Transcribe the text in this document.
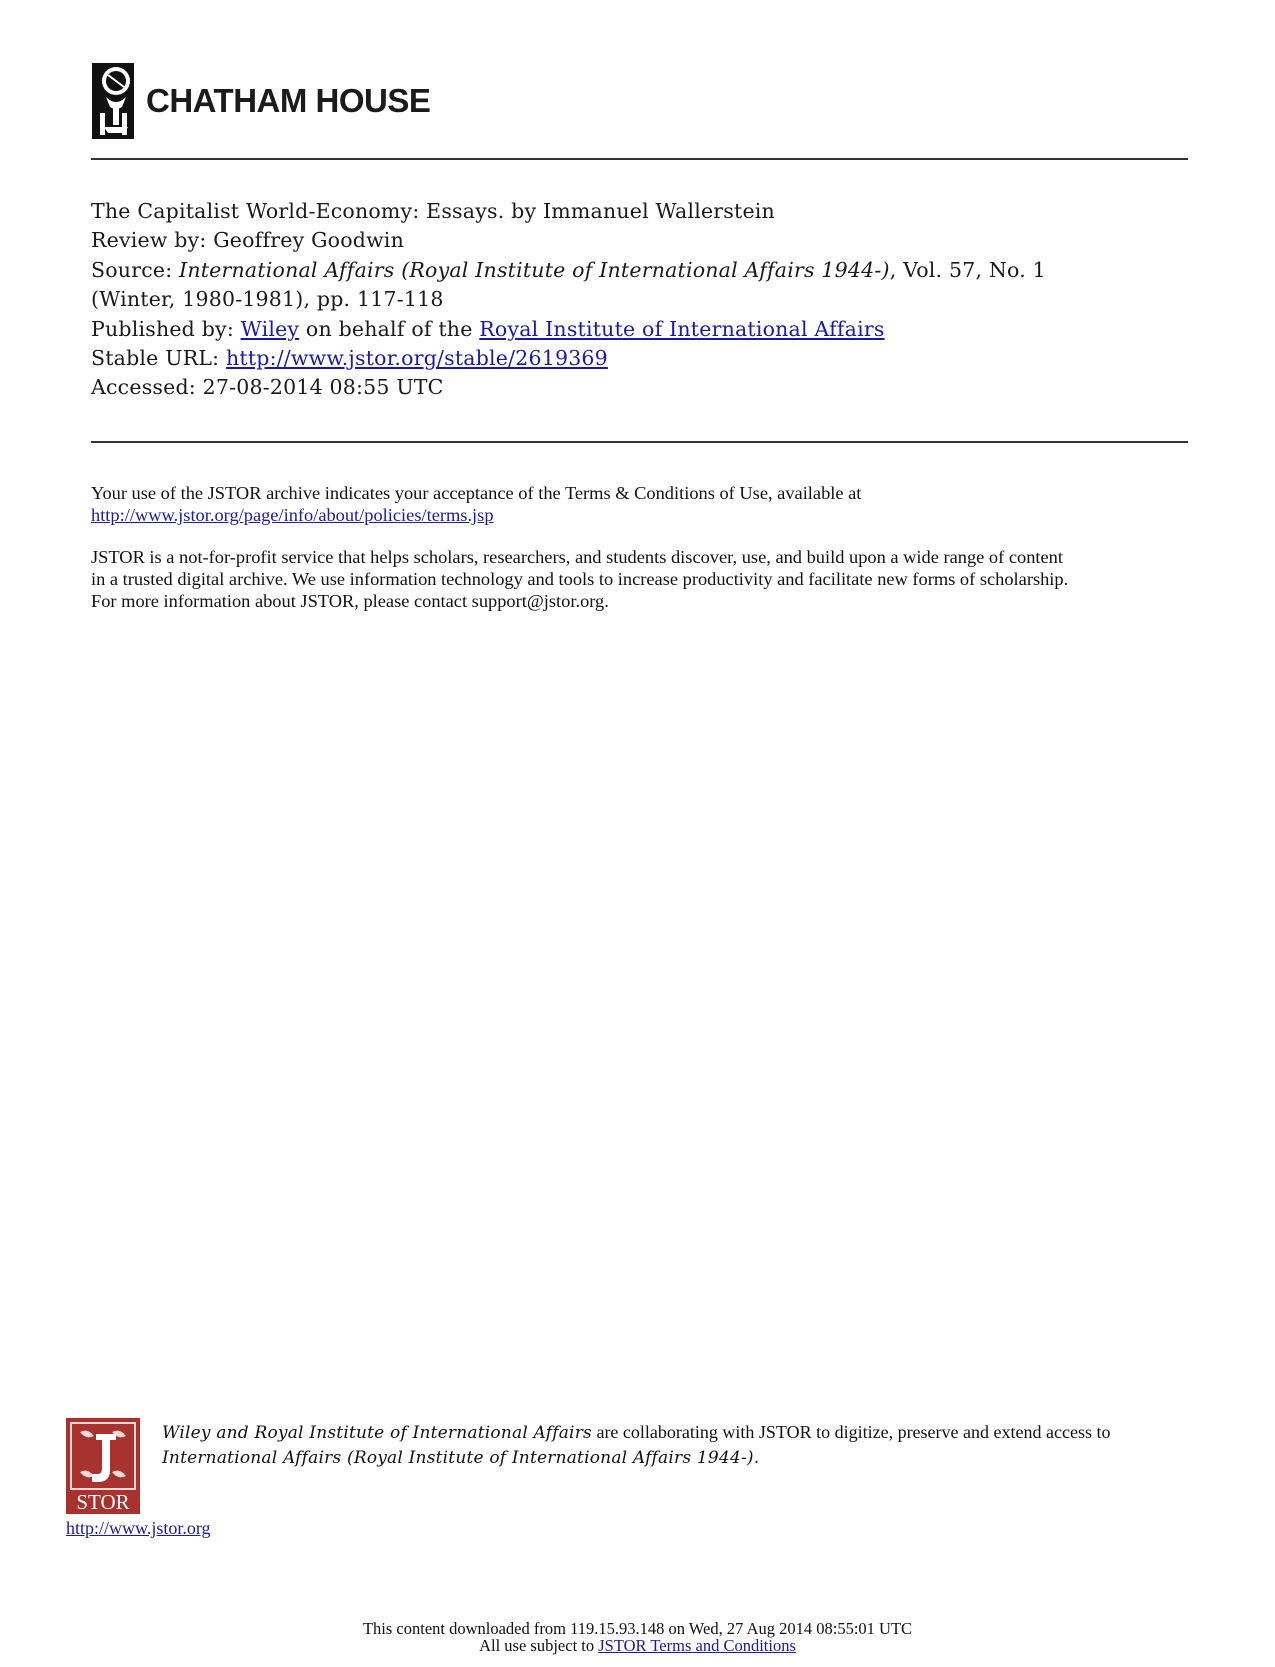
CHATHAM HOUSE
The Capitalist World-Economy: Essays. by Immanuel Wallerstein
Review by: Geoffrey Goodwin
Source: International Affairs (Royal Institute of International Affairs 1944-), Vol. 57, No. 1
(Winter, 1980-1981), pp. 117-118
Published by: Wiley on behalf of the Royal Institute of International Affairs
Stable URL: http://www.jstor.org/stable/2619369
Accessed: 27-08-2014 08:55 UTC

Your use of the JSTOR archive indicates your acceptance of the Terms & Conditions of Use, available at
http://www.jstor.org/page/info/about/policies/terms.jsp

JSTOR is a not-for-profit service that helps scholars, researchers, and students discover, use, and build upon a wide range of content
in a trusted digital archive. We use information technology and tools to increase productivity and facilitate new forms of scholarship.
For more information about JSTOR, please contact support@jstor.org.

STOR
Wiley and Royal Institute of International Affairs are collaborating with JSTOR to digitize, preserve and extend access to
International Affairs (Royal Institute of International Affairs 1944-).
http://www.jstor.org
This content downloaded from 119.15.93.148 on Wed, 27 Aug 2014 08:55:01 UTC
All use subject to JSTOR Terms and Conditions
